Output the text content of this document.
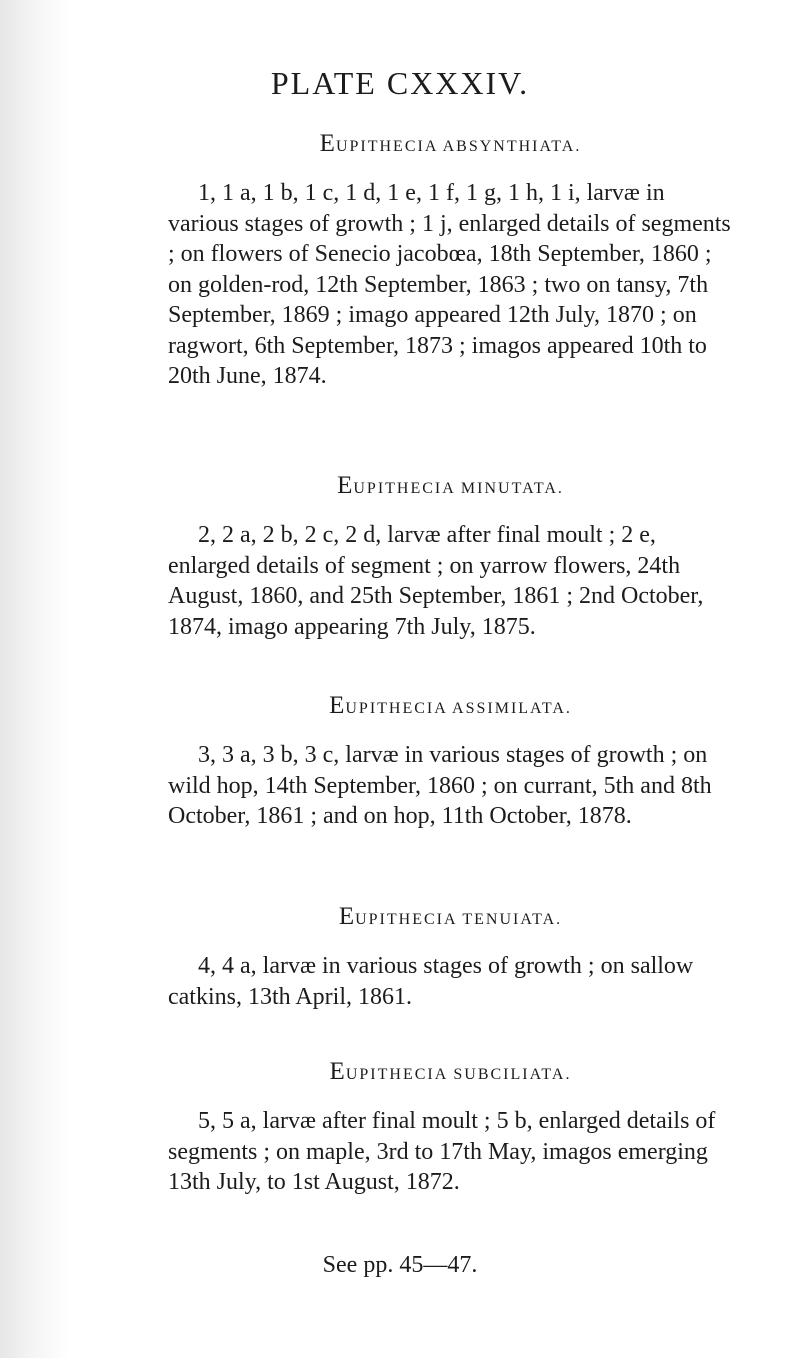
PLATE CXXXIV.
EUPITHECIA ABSYNTHIATA.

1, 1 a, 1 b, 1 c, 1 d, 1 e, 1 f, 1 g, 1 h, 1 i, larvæ in various stages of growth ; 1 j, enlarged details of segments ; on flowers of Senecio jacobœa, 18th September, 1860 ; on golden-rod, 12th September, 1863 ; two on tansy, 7th September, 1869 ; imago appeared 12th July, 1870 ; on ragwort, 6th September, 1873 ; imagos appeared 10th to 20th June, 1874.

EUPITHECIA MINUTATA.

2, 2 a, 2 b, 2 c, 2 d, larvæ after final moult ; 2 e, enlarged details of segment ; on yarrow flowers, 24th August, 1860, and 25th September, 1861 ; 2nd October, 1874, imago appearing 7th July, 1875.

EUPITHECIA ASSIMILATA.

3, 3 a, 3 b, 3 c, larvæ in various stages of growth ; on wild hop, 14th September, 1860 ; on currant, 5th and 8th October, 1861 ; and on hop, 11th October, 1878.

EUPITHECIA TENUIATA.

4, 4 a, larvæ in various stages of growth ; on sallow catkins, 13th April, 1861.

EUPITHECIA SUBCILIATA.

5, 5 a, larvæ after final moult ; 5 b, enlarged details of segments ; on maple, 3rd to 17th May, imagos emerging 13th July, to 1st August, 1872.

See pp. 45—47.
